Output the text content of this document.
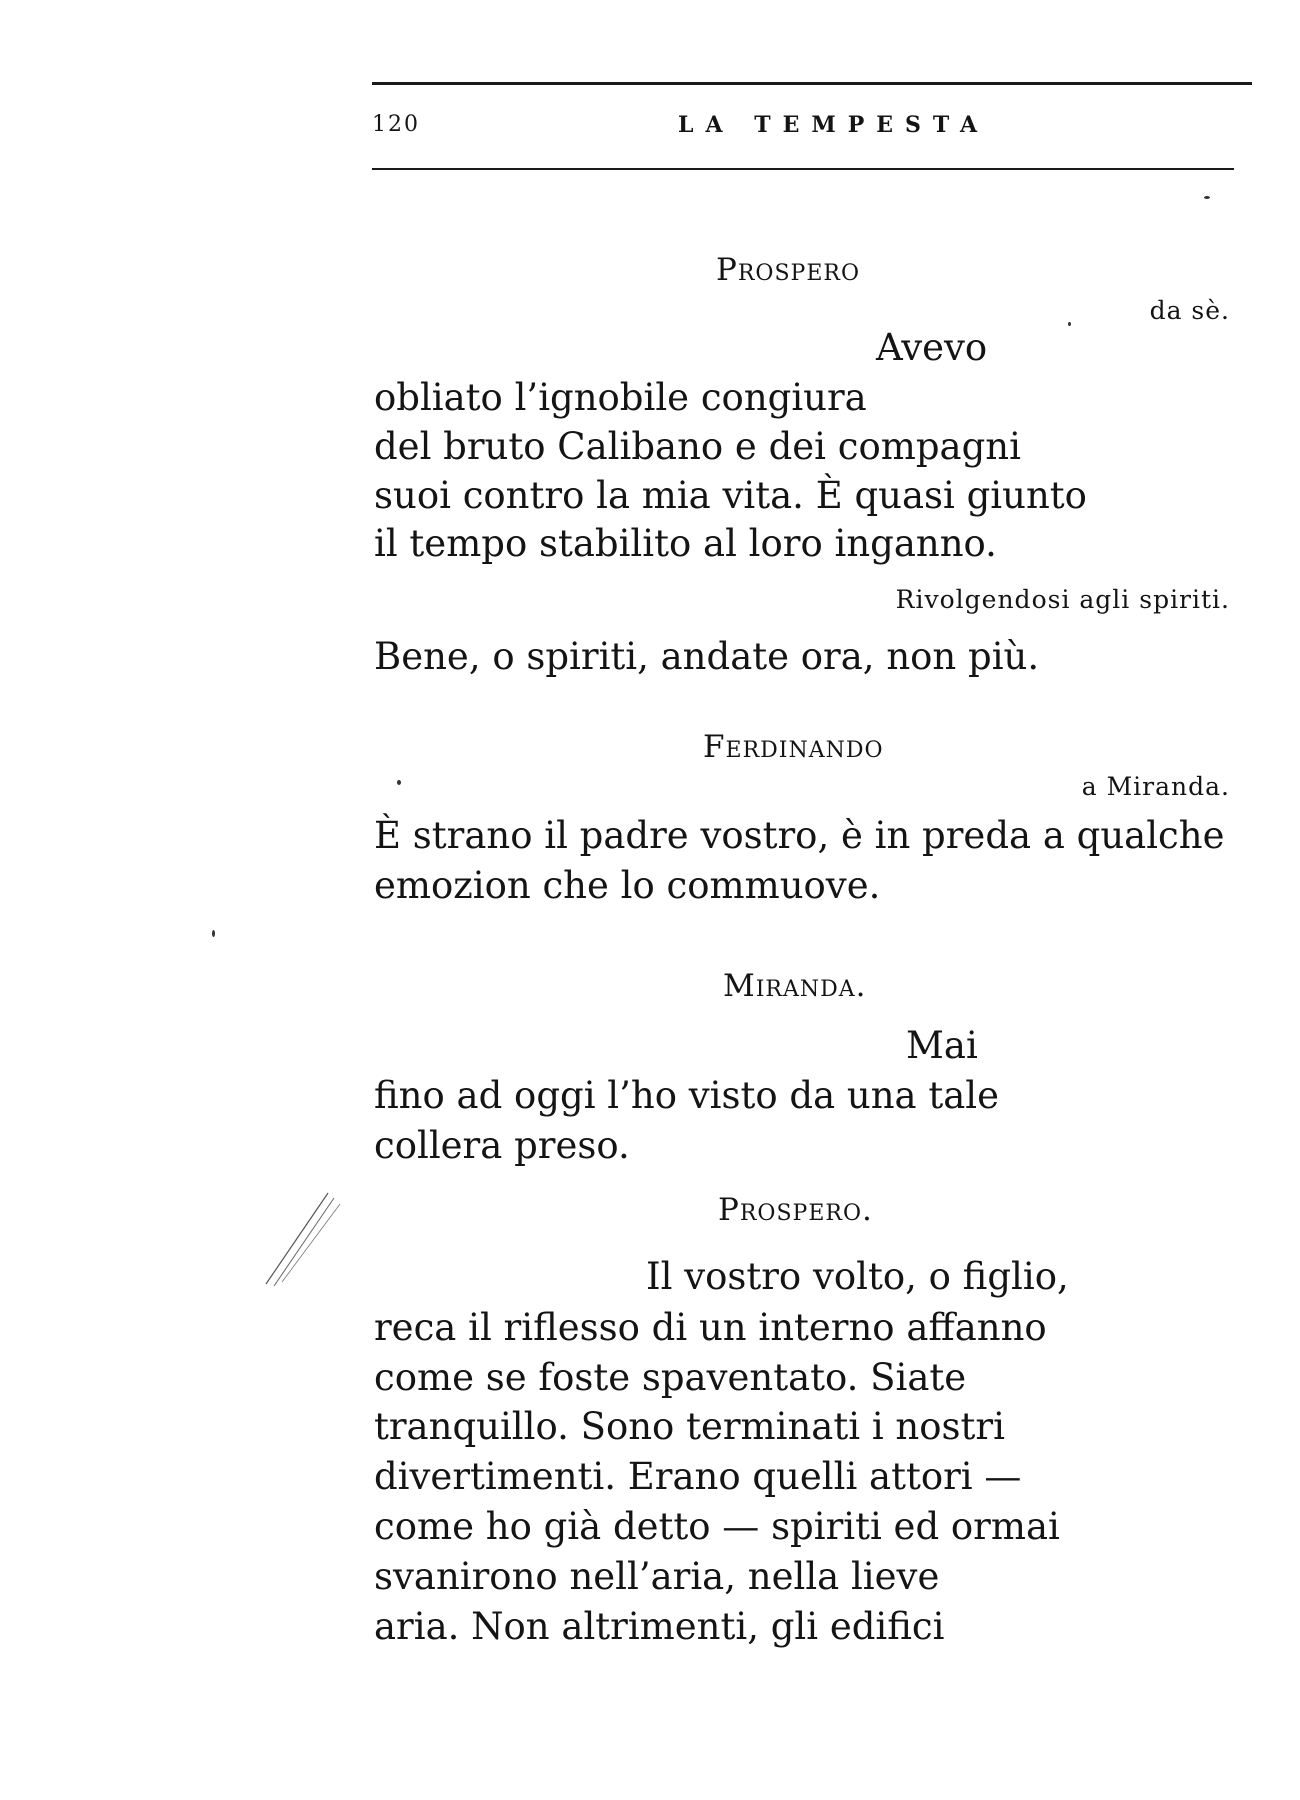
120	LA TEMPESTA
Prospero
da sè.
Avevo
obliato l’ignobile congiura
del bruto Calibano e dei compagni
suoi contro la mia vita. È quasi giunto
il tempo stabilito al loro inganno.
Rivolgendosi agli spiriti.
Bene, o spiriti, andate ora, non più.
Ferdinando
a Miranda.
È strano il padre vostro, è in preda a qualche
emozion che lo commuove.
Miranda.
Mai
fino ad oggi l’ho visto da una tale
collera preso.
Prospero.
Il vostro volto, o figlio,
reca il riflesso di un interno affanno
come se foste spaventato. Siate
tranquillo. Sono terminati i nostri
divertimenti. Erano quelli attori —
come ho già detto — spiriti ed ormai
svanirono nell’aria, nella lieve
aria. Non altrimenti, gli edifici
